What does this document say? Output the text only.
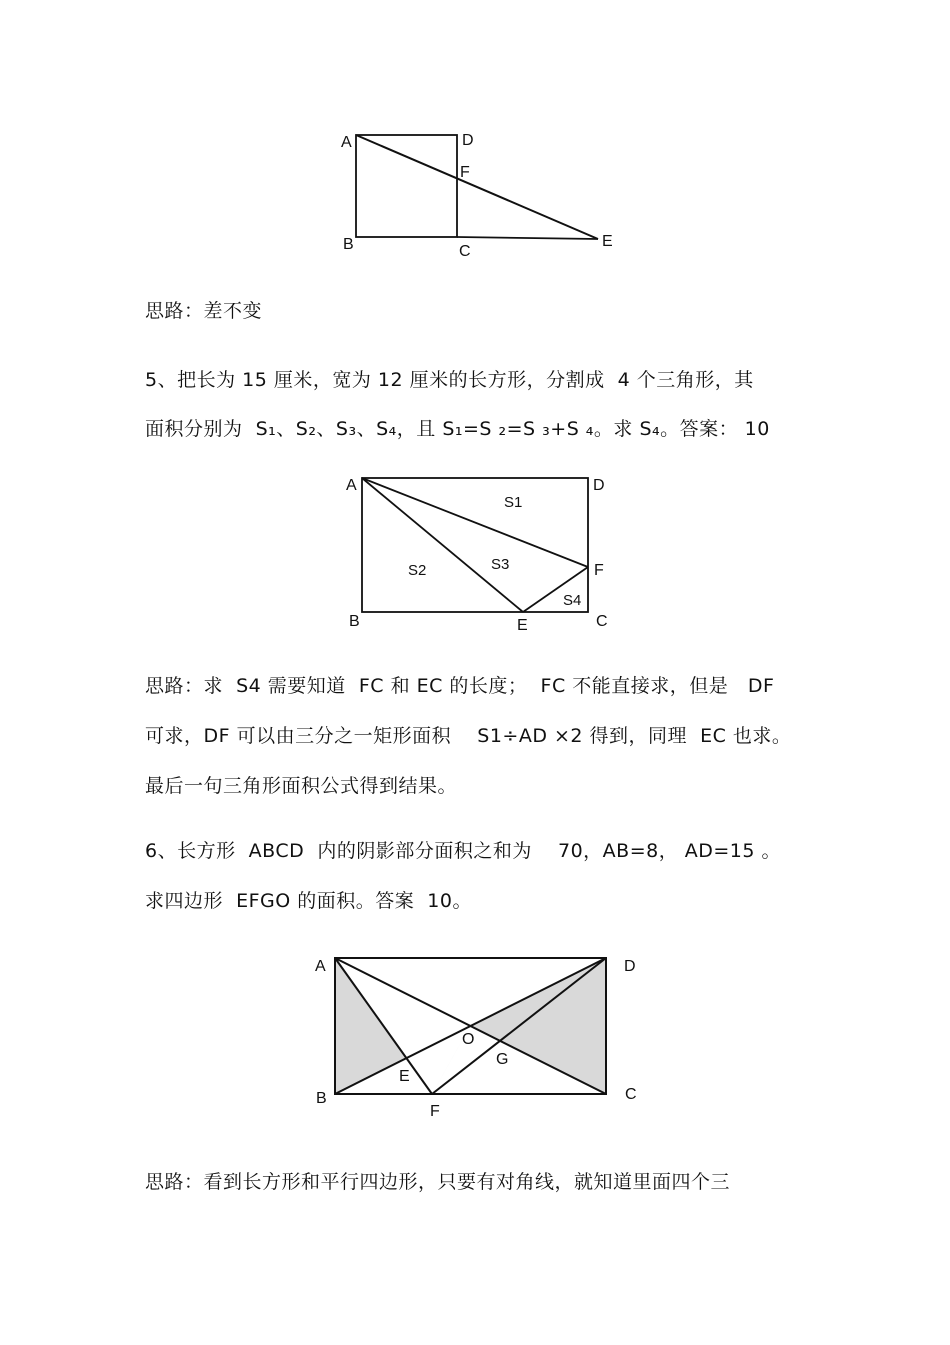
A	D
F
B	C
E
思路：差不变
5、把长为 15 厘米，宽为 12 厘米的长方形，分割成  4 个三角形，其
面积分别为  S₁、S₂、S₃、S₄，且 S₁=S ₂=S ₃+S ₄。求 S₄。答案： 10
A	D
B	E	C
F
S1
S2	S3
S4
思路：求  S4 需要知道  FC 和 EC 的长度；  FC 不能直接求，但是   DF
可求，DF 可以由三分之一矩形面积    S1÷AD ×2 得到，同理  EC 也求。
最后一句三角形面积公式得到结果。
6、长方形  ABCD  内的阴影部分面积之和为    70，AB=8， AD=15 。
求四边形  EFGO 的面积。答案  10。
A	D
B	C
F
E
O
G
思路：看到长方形和平行四边形，只要有对角线，就知道里面四个三
